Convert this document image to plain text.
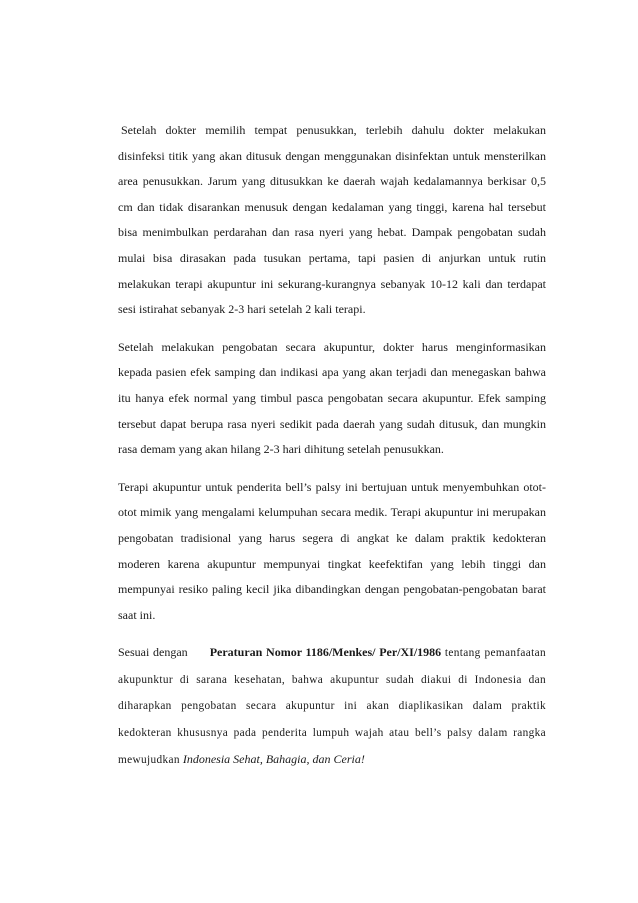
Setelah dokter memilih tempat penusukkan, terlebih dahulu dokter melakukan disinfeksi titik yang akan ditusuk dengan menggunakan disinfektan untuk mensterilkan area penusukkan. Jarum yang ditusukkan ke daerah wajah kedalamannya berkisar 0,5 cm dan tidak disarankan menusuk dengan kedalaman yang tinggi, karena hal tersebut bisa menimbulkan perdarahan dan rasa nyeri yang hebat. Dampak pengobatan sudah mulai bisa dirasakan pada tusukan pertama, tapi pasien di anjurkan untuk rutin melakukan terapi akupuntur ini sekurang-kurangnya sebanyak 10-12 kali dan terdapat sesi istirahat sebanyak 2-3 hari setelah 2 kali terapi.

Setelah melakukan pengobatan secara akupuntur, dokter harus menginformasikan kepada pasien efek samping dan indikasi apa yang akan terjadi dan menegaskan bahwa itu hanya efek normal yang timbul pasca pengobatan secara akupuntur. Efek samping tersebut dapat berupa rasa nyeri sedikit pada daerah yang sudah ditusuk, dan mungkin rasa demam yang akan hilang 2-3 hari dihitung setelah penusukkan.

Terapi akupuntur untuk penderita bell’s palsy ini bertujuan untuk menyembuhkan otot-otot mimik yang mengalami kelumpuhan secara medik. Terapi akupuntur ini merupakan pengobatan tradisional yang harus segera di angkat ke dalam praktik kedokteran moderen karena akupuntur mempunyai tingkat keefektifan yang lebih tinggi dan mempunyai resiko paling kecil jika dibandingkan dengan pengobatan-pengobatan barat saat ini.

Sesuai dengan Peraturan Nomor 1186/Menkes/ Per/XI/1986 tentang pemanfaatan akupunktur di sarana kesehatan, bahwa akupuntur sudah diakui di Indonesia dan diharapkan pengobatan secara akupuntur ini akan diaplikasikan dalam praktik kedokteran khususnya pada penderita lumpuh wajah atau bell’s palsy dalam rangka mewujudkan Indonesia Sehat, Bahagia, dan Ceria!
